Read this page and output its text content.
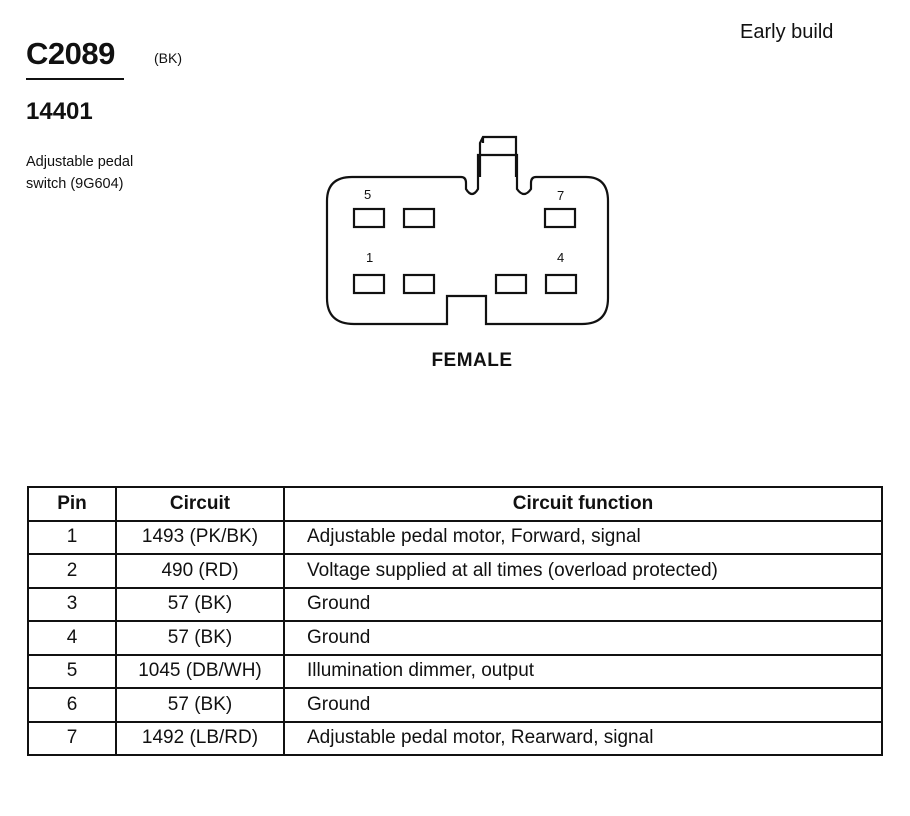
C2089	(BK)
Early build
14401
Adjustable pedal
switch (9G604)
5	7
1	4
FEMALE
Pin	Circuit	Circuit function
1	1493 (PK/BK)	Adjustable pedal motor, Forward, signal
2	490 (RD)	Voltage supplied at all times (overload protected)
3	57 (BK)	Ground
4	57 (BK)	Ground
5	1045 (DB/WH)	Illumination dimmer, output
6	57 (BK)	Ground
7	1492 (LB/RD)	Adjustable pedal motor, Rearward, signal
